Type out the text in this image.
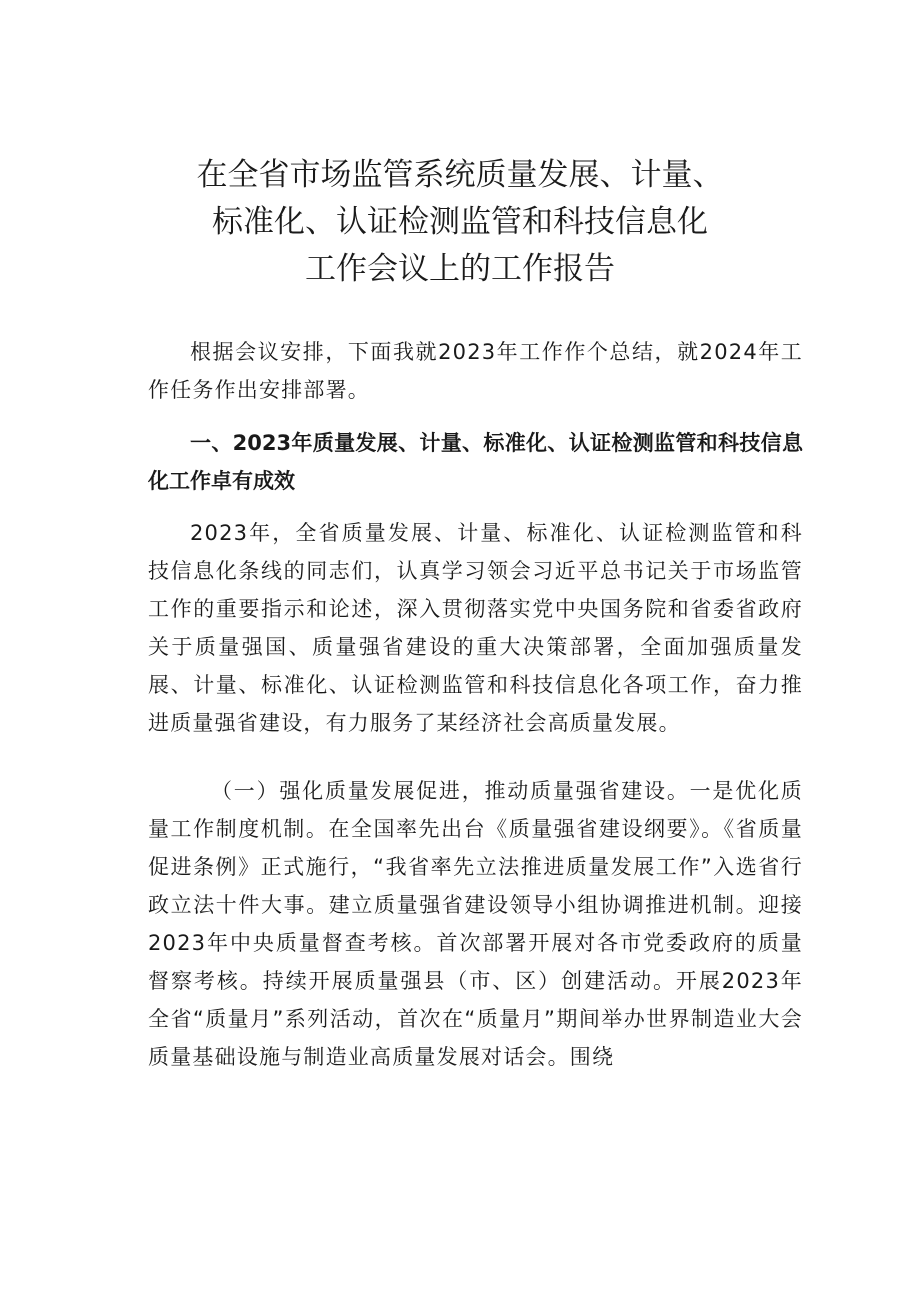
在全省市场监管系统质量发展、计量、
标准化、认证检测监管和科技信息化
工作会议上的工作报告

根据会议安排，下面我就2023年工作作个总结，就2024年工作任务作出安排部署。

一、2023年质量发展、计量、标准化、认证检测监管和科技信息化工作卓有成效

2023年，全省质量发展、计量、标准化、认证检测监管和科技信息化条线的同志们，认真学习领会习近平总书记关于市场监管工作的重要指示和论述，深入贯彻落实党中央国务院和省委省政府关于质量强国、质量强省建设的重大决策部署，全面加强质量发展、计量、标准化、认证检测监管和科技信息化各项工作，奋力推进质量强省建设，有力服务了某经济社会高质量发展。

（一）强化质量发展促进，推动质量强省建设。一是优化质量工作制度机制。在全国率先出台《质量强省建设纲要》。《省质量促进条例》正式施行，“我省率先立法推进质量发展工作”入选省行政立法十件大事。建立质量强省建设领导小组协调推进机制。迎接2023年中央质量督查考核。首次部署开展对各市党委政府的质量督察考核。持续开展质量强县（市、区）创建活动。开展2023年全省“质量月”系列活动，首次在“质量月”期间举办世界制造业大会质量基础设施与制造业高质量发展对话会。围绕
